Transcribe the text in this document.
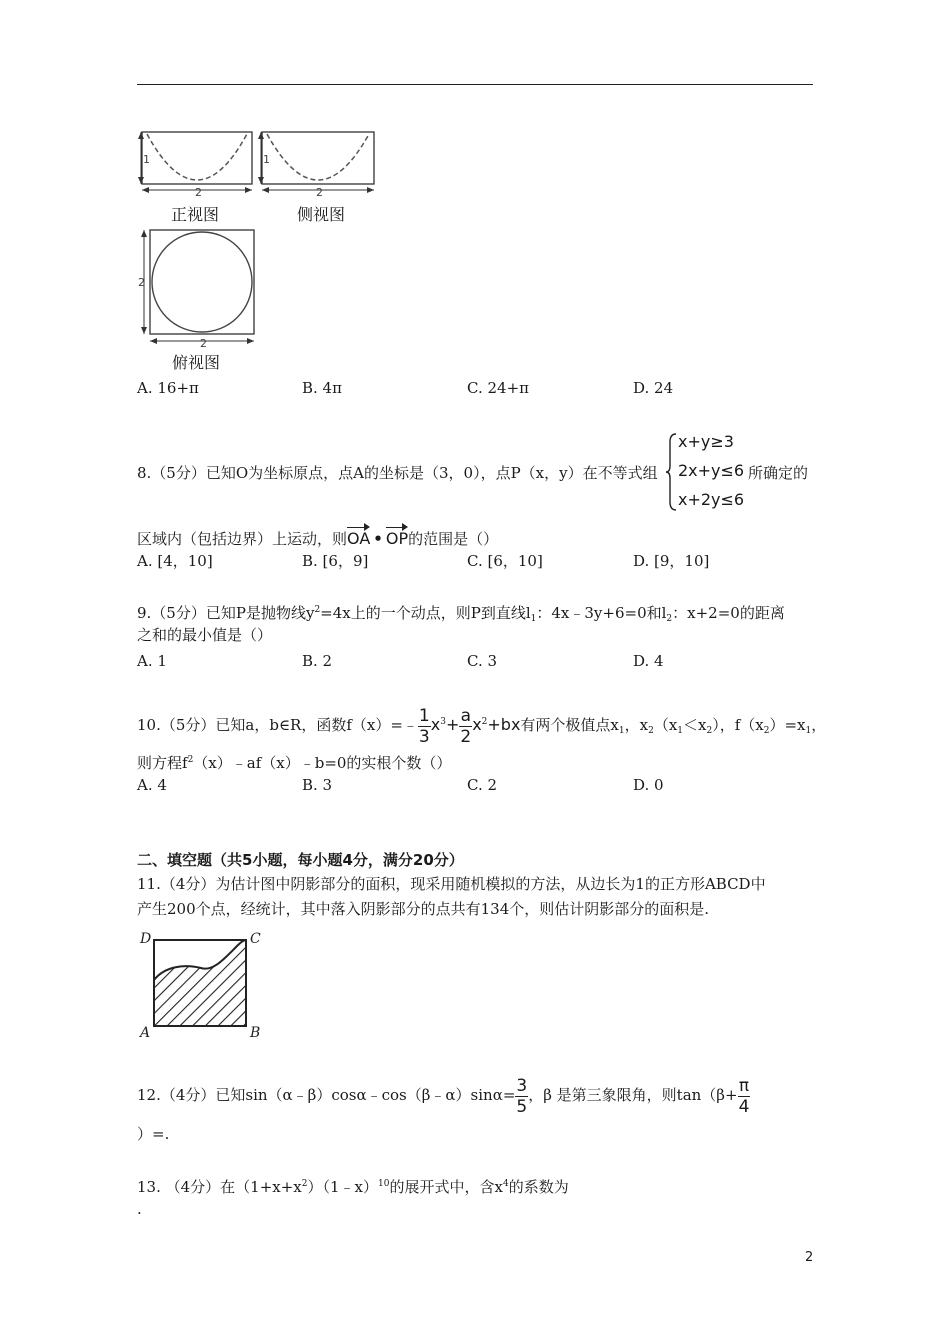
1
2
正视图
1
2
侧视图
2
2
俯视图
A. 16+π	B. 4π	C. 24+π	D. 24
8.（5分）已知O为坐标原点，点A的坐标是（3，0），点P（x，y）在不等式组
x+y≥3
2x+y≤6
x+2y≤6
所确定的
区域内（包括边界）上运动，则OA • OP的范围是（）
A. [4，10]	B. [6，9]	C. [6，10]	D. [9，10]
9.（5分）已知P是抛物线$y^2=4x$上的一个动点，则P到直线$l_1$：4x﹣3y+6=0和$l_2$：x+2=0的距离
之和的最小值是（）
A. 1	B. 2	C. 3	D. 4
10.（5分）已知a，b∈R，函数f（x）=﹣ $\frac{1}{3} x^3+ \frac{a}{2} x^2+bx$有两个极值点$x_1$，$x_2(x_1<x_2)$，$f(x_2)=x_1$，
则方程$f^2(x)﹣af(x)﹣b=0$的实根个数（）
A. 4	B. 3	C. 2	D. 0
二、填空题（共5小题，每小题4分，满分20分）
11.（4分）为估计图中阴影部分的面积，现采用随机模拟的方法，从边长为1的正方形ABCD中
产生200个点，经统计，其中落入阴影部分的点共有134个，则估计阴影部分的面积是.
D	C
A	B
12.（4分）已知sin（α﹣β）cosα﹣cos（β﹣α）sinα= $\frac{3}{5}$ ，β 是第三象限角，则$\tan(\beta+ \frac{\pi}{4}$
）=.
13. （4分）在$(1+x+x^2)(1﹣x)^{10}$的展开式中，含$x^4$的系数为
.
2
